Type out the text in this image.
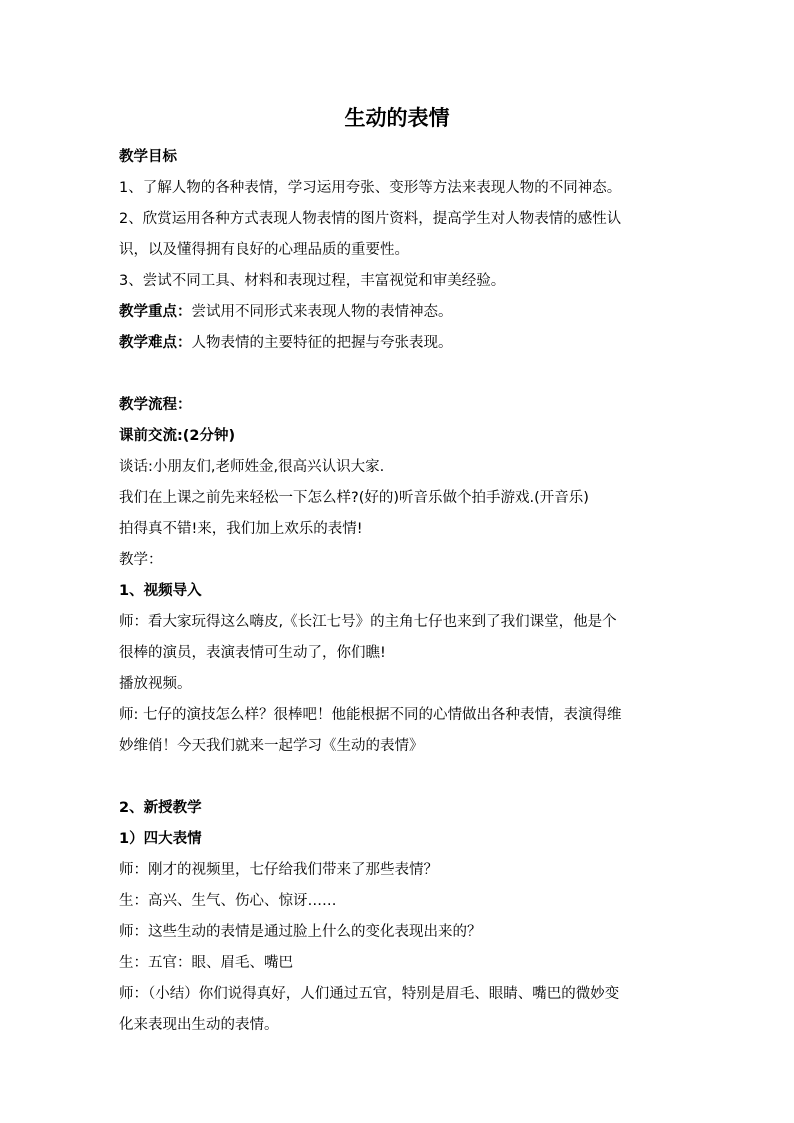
生动的表情

教学目标

1、了解人物的各种表情，学习运用夸张、变形等方法来表现人物的不同神态。

2、欣赏运用各种方式表现人物表情的图片资料，提高学生对人物表情的感性认

识，以及懂得拥有良好的心理品质的重要性。

3、尝试不同工具、材料和表现过程，丰富视觉和审美经验。

教学重点：尝试用不同形式来表现人物的表情神态。

教学难点：人物表情的主要特征的把握与夸张表现。

教学流程：

课前交流:(2分钟)

谈话:小朋友们,老师姓金,很高兴认识大家.

我们在上课之前先来轻松一下怎么样?(好的)听音乐做个拍手游戏.(开音乐)

拍得真不错!来，我们加上欢乐的表情!

教学：

1、视频导入

师：看大家玩得这么嗨皮,《长江七号》的主角七仔也来到了我们课堂，他是个

很棒的演员，表演表情可生动了，你们瞧!

播放视频。

师: 七仔的演技怎么样？很棒吧！他能根据不同的心情做出各种表情，表演得维

妙维俏！今天我们就来一起学习《生动的表情》

2、新授教学

1）四大表情

师：刚才的视频里，七仔给我们带来了那些表情？

生：高兴、生气、伤心、惊讶……

师：这些生动的表情是通过脸上什么的变化表现出来的？

生：五官：眼、眉毛、嘴巴

师：（小结）你们说得真好，人们通过五官，特别是眉毛、眼睛、嘴巴的微妙变

化来表现出生动的表情。
